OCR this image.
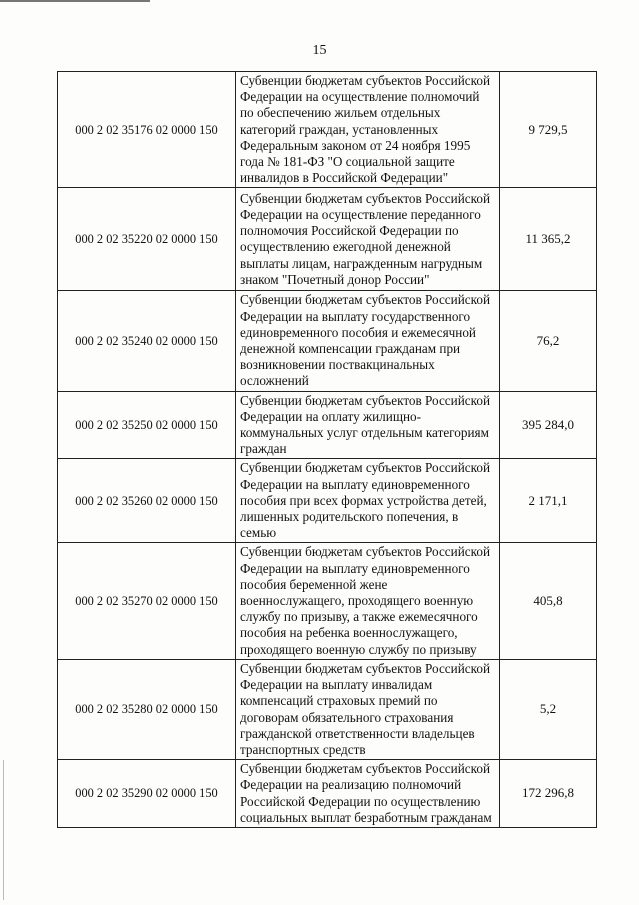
15
000 2 02 35176 02 0000 150	Субвенции бюджетам субъектов Российской Федерации на осуществление полномочий по обеспечению жильем отдельных категорий граждан, установленных Федеральным законом от 24 ноября 1995 года № 181-ФЗ "О социальной защите инвалидов в Российской Федерации"	9 729,5
000 2 02 35220 02 0000 150	Субвенции бюджетам субъектов Российской Федерации на осуществление переданного полномочия Российской Федерации по осуществлению ежегодной денежной выплаты лицам, награжденным нагрудным знаком "Почетный донор России"	11 365,2
000 2 02 35240 02 0000 150	Субвенции бюджетам субъектов Российской Федерации на выплату государственного единовременного пособия и ежемесячной денежной компенсации гражданам при возникновении поствакцинальных осложнений	76,2
000 2 02 35250 02 0000 150	Субвенции бюджетам субъектов Российской Федерации на оплату жилищно-коммунальных услуг отдельным категориям граждан	395 284,0
000 2 02 35260 02 0000 150	Субвенции бюджетам субъектов Российской Федерации на выплату единовременного пособия при всех формах устройства детей, лишенных родительского попечения, в семью	2 171,1
000 2 02 35270 02 0000 150	Субвенции бюджетам субъектов Российской Федерации на выплату единовременного пособия беременной жене военнослужащего, проходящего военную службу по призыву, а также ежемесячного пособия на ребенка военнослужащего, проходящего военную службу по призыву	405,8
000 2 02 35280 02 0000 150	Субвенции бюджетам субъектов Российской Федерации на выплату инвалидам компенсаций страховых премий по договорам обязательного страхования гражданской ответственности владельцев транспортных средств	5,2
000 2 02 35290 02 0000 150	Субвенции бюджетам субъектов Российской Федерации на реализацию полномочий Российской Федерации по осуществлению социальных выплат безработным гражданам	172 296,8
